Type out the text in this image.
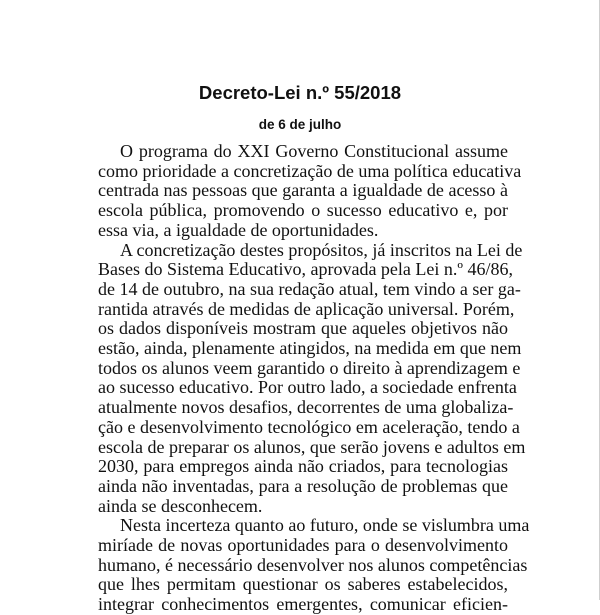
Decreto-Lei n.º 55/2018
de 6 de julho

O programa do XXI Governo Constitucional assume
como prioridade a concretização de uma política educativa
centrada nas pessoas que garanta a igualdade de acesso à
escola pública, promovendo o sucesso educativo e, por
essa via, a igualdade de oportunidades.

A concretização destes propósitos, já inscritos na Lei de
Bases do Sistema Educativo, aprovada pela Lei n.º 46/86,
de 14 de outubro, na sua redação atual, tem vindo a ser ga-
rantida através de medidas de aplicação universal. Porém,
os dados disponíveis mostram que aqueles objetivos não
estão, ainda, plenamente atingidos, na medida em que nem
todos os alunos veem garantido o direito à aprendizagem e
ao sucesso educativo. Por outro lado, a sociedade enfrenta
atualmente novos desafios, decorrentes de uma globaliza-
ção e desenvolvimento tecnológico em aceleração, tendo a
escola de preparar os alunos, que serão jovens e adultos em
2030, para empregos ainda não criados, para tecnologias
ainda não inventadas, para a resolução de problemas que
ainda se desconhecem.

Nesta incerteza quanto ao futuro, onde se vislumbra uma
miríade de novas oportunidades para o desenvolvimento
humano, é necessário desenvolver nos alunos competências
que lhes permitam questionar os saberes estabelecidos,
integrar conhecimentos emergentes, comunicar eficien-
